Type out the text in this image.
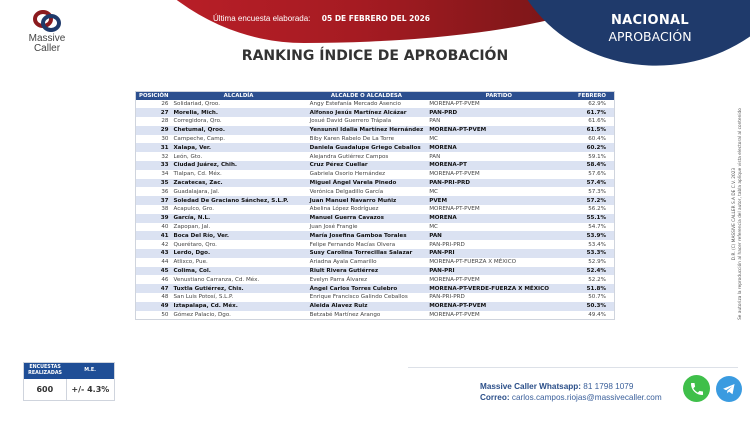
Massive
Caller
Última encuesta elaborada: 05 DE FEBRERO DEL 2026	NACIONAL
APROBACIÓN
RANKING ÍNDICE DE APROBACIÓN
POSICIÓN	ALCALDÍA	ALCALDE O ALCALDESA	PARTIDO	FEBRERO
26	Solidariad, Qroo.	Angy Estefanía Mercado Asencio	MORENA-PT-PVEM	62.9%
27	Morelia, Mich.	Alfonso Jesús Martínez Alcázar	PAN-PRD	61.7%
28	Corregidora, Qro.	Josué David Guerrero Trápala	PAN	61.6%
29	Chetumal, Qroo.	Yensunni Idalia Martínez Hernández	MORENA-PT-PVEM	61.5%
30	Campeche, Camp.	Biby Karen Rabelo De La Torre	MC	60.4%
31	Xalapa, Ver.	Daniela Guadalupe Griego Ceballos	MORENA	60.2%
32	León, Gto.	Alejandra Gutiérrez Campos	PAN	59.1%
33	Ciudad Juárez, Chih.	Cruz Pérez Cuellar	MORENA-PT	58.4%
34	Tlalpan, Cd. Méx.	Gabriela Osorio Hernández	MORENA-PT-PVEM	57.6%
35	Zacatecas, Zac.	Miguel Ángel Varela Pinedo	PAN-PRI-PRD	57.4%
36	Guadalajara, Jal.	Verónica Delgadillo García	MC	57.3%
37	Soledad De Graciano Sánchez, S.L.P.	Juan Manuel Navarro Muñiz	PVEM	57.2%
38	Acapulco, Gro.	Abelina López Rodríguez	MORENA-PT-PVEM	56.2%
39	García, N.L.	Manuel Guerra Cavazos	MORENA	55.1%
40	Zapopan, Jal.	Juan José Frangie	MC	54.7%
41	Boca Del Río, Ver.	María Josefina Gamboa Torales	PAN	53.9%
42	Querétaro, Qro.	Felipe Fernando Macías Olvera	PAN-PRI-PRD	53.4%
43	Lerdo, Dgo.	Susy Carolina Torrecillas Salazar	PAN-PRI	53.3%
44	Atlixco, Pue.	Ariadna Ayala Camarillo	MORENA-PT-FUERZA X MÉXICO	52.9%
45	Colima, Col.	Riult Rivera Gutiérrez	PAN-PRI	52.4%
46	Venustiano Carranza, Cd. Méx.	Evelyn Parra Álvarez	MORENA-PT-PVEM	52.2%
47	Tuxtla Gutiérrez, Chis.	Ángel Carlos Torres Culebro	MORENA-PT-VERDE-FUERZA X MÉXICO	51.8%
48	San Luis Potosí, S.L.P.	Enrique Francisco Galindo Ceballos	PAN-PRI-PRD	50.7%
49	Iztapalapa, Cd. Méx.	Aleida Alavez Ruiz	MORENA-PT-PVEM	50.3%
50	Gómez Palacio, Dgo.	Betzabé Martínez Arango	MORENA-PT-PVEM	49.4%
ENCUESTAS
REALIZADAS	M.E.
600	+/- 4.3%	Massive Caller Whatsapp: 81 1798 1079
Correo: carlos.campos.riojas@massivecaller.com
D.R. (C) MASSIVE CALLER S.A DE C.V. 2023 Se autoriza la reproducción al hacer referencia del autor, tabla aplique vista electoral al contenido
